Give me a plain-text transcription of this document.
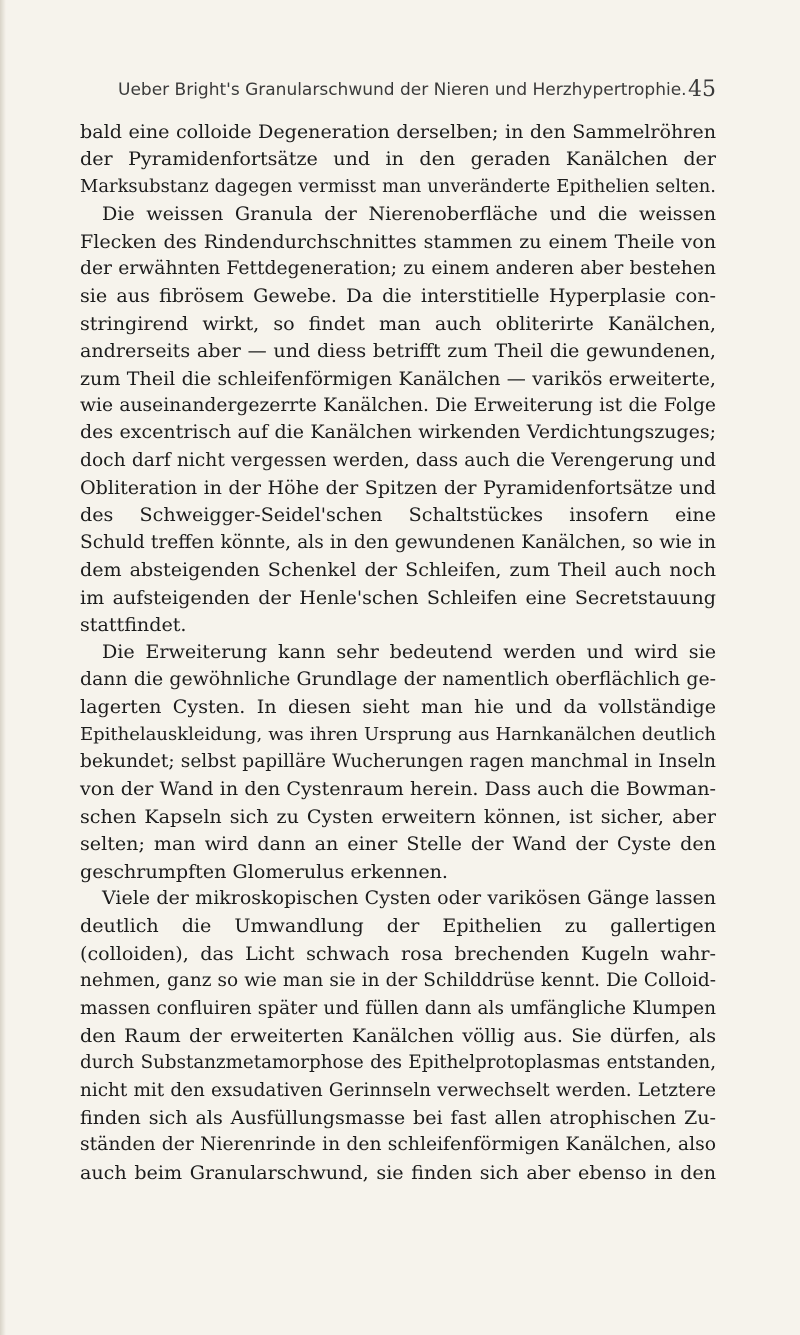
Ueber Bright's Granularschwund der Nieren und Herzhypertrophie. 45
bald eine colloide Degeneration derselben; in den Sammelröhren
der Pyramidenfortsätze und in den geraden Kanälchen der
Marksubstanz dagegen vermisst man unveränderte Epithelien selten.
Die weissen Granula der Nierenoberfläche und die weissen
Flecken des Rindendurchschnittes stammen zu einem Theile von
der erwähnten Fettdegeneration; zu einem anderen aber bestehen
sie aus fibrösem Gewebe. Da die interstitielle Hyperplasie con-
stringirend wirkt, so findet man auch obliterirte Kanälchen,
andrerseits aber — und diess betrifft zum Theil die gewundenen,
zum Theil die schleifenförmigen Kanälchen — varikös erweiterte,
wie auseinandergezerrte Kanälchen. Die Erweiterung ist die Folge
des excentrisch auf die Kanälchen wirkenden Verdichtungszuges;
doch darf nicht vergessen werden, dass auch die Verengerung und
Obliteration in der Höhe der Spitzen der Pyramidenfortsätze und
des Schweigger-Seidel'schen Schaltstückes insofern eine
Schuld treffen könnte, als in den gewundenen Kanälchen, so wie in
dem absteigenden Schenkel der Schleifen, zum Theil auch noch
im aufsteigenden der Henle'schen Schleifen eine Secretstauung
stattfindet.
Die Erweiterung kann sehr bedeutend werden und wird sie
dann die gewöhnliche Grundlage der namentlich oberflächlich ge-
lagerten Cysten. In diesen sieht man hie und da vollständige
Epithelauskleidung, was ihren Ursprung aus Harnkanälchen deutlich
bekundet; selbst papilläre Wucherungen ragen manchmal in Inseln
von der Wand in den Cystenraum herein. Dass auch die Bowman-
schen Kapseln sich zu Cysten erweitern können, ist sicher, aber
selten; man wird dann an einer Stelle der Wand der Cyste den
geschrumpften Glomerulus erkennen.
Viele der mikroskopischen Cysten oder varikösen Gänge lassen
deutlich die Umwandlung der Epithelien zu gallertigen
(colloiden), das Licht schwach rosa brechenden Kugeln wahr-
nehmen, ganz so wie man sie in der Schilddrüse kennt. Die Colloid-
massen confluiren später und füllen dann als umfängliche Klumpen
den Raum der erweiterten Kanälchen völlig aus. Sie dürfen, als
durch Substanzmetamorphose des Epithelprotoplasmas entstanden,
nicht mit den exsudativen Gerinnseln verwechselt werden. Letztere
finden sich als Ausfüllungsmasse bei fast allen atrophischen Zu-
ständen der Nierenrinde in den schleifenförmigen Kanälchen, also
auch beim Granularschwund, sie finden sich aber ebenso in den
